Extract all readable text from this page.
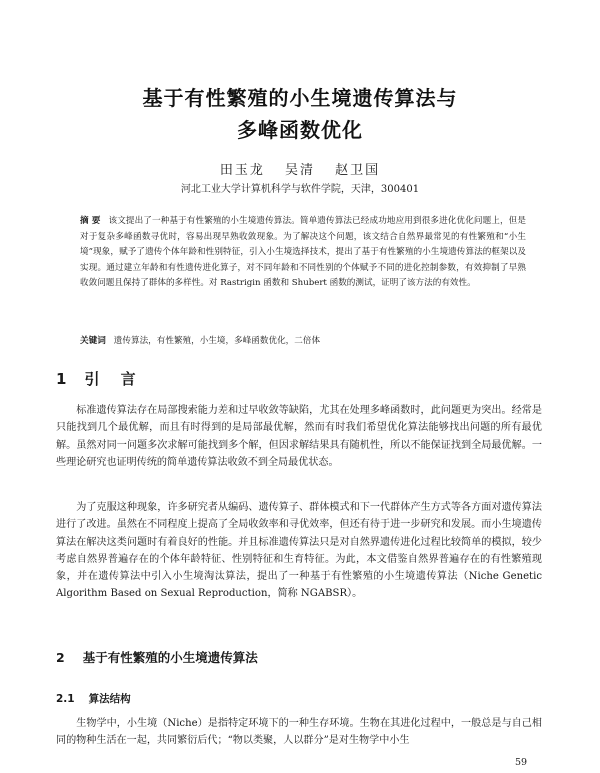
基于有性繁殖的小生境遗传算法与
多峰函数优化
田玉龙 吴清 赵卫国
河北工业大学计算机科学与软件学院，天津，300401
摘 要 该文提出了一种基于有性繁殖的小生境遗传算法。简单遗传算法已经成功地应用到很多进化优化问题上，但是对于复杂多峰函数寻优时，容易出现早熟收敛现象。为了解决这个问题，该文结合自然界最常见的有性繁殖和“小生境”现象，赋予了遗传个体年龄和性别特征，引入小生境选择技术，提出了基于有性繁殖的小生境遗传算法的框架以及实现。通过建立年龄和有性遗传进化算子，对不同年龄和不同性别的个体赋予不同的进化控制参数，有效抑制了早熟收敛问题且保持了群体的多样性。对 Rastrigin 函数和 Shubert 函数的测试，证明了该方法的有效性。
关键词 遗传算法，有性繁殖，小生境，多峰函数优化，二倍体
1 引 言
标准遗传算法存在局部搜索能力差和过早收敛等缺陷，尤其在处理多峰函数时，此问题更为突出。经常是只能找到几个最优解，而且有时得到的是局部最优解，然而有时我们希望优化算法能够找出问题的所有最优解。虽然对同一问题多次求解可能找到多个解，但因求解结果具有随机性，所以不能保证找到全局最优解。一些理论研究也证明传统的简单遗传算法收敛不到全局最优状态。
为了克服这种现象，许多研究者从编码、遗传算子、群体模式和下一代群体产生方式等各方面对遗传算法进行了改进。虽然在不同程度上提高了全局收敛率和寻优效率，但还有待于进一步研究和发展。而小生境遗传算法在解决这类问题时有着良好的性能。并且标准遗传算法只是对自然界遗传进化过程比较简单的模拟，较少考虑自然界普遍存在的个体年龄特征、性别特征和生育特征。为此，本文借鉴自然界普遍存在的有性繁殖现象，并在遗传算法中引入小生境淘汰算法，提出了一种基于有性繁殖的小生境遗传算法（Niche Genetic Algorithm Based on Sexual Reproduction，简称 NGABSR）。
2 基于有性繁殖的小生境遗传算法
2.1 算法结构
生物学中，小生境（Niche）是指特定环境下的一种生存环境。生物在其进化过程中，一般总是与自己相同的物种生活在一起，共同繁衍后代；“物以类聚，人以群分”是对生物学中小生
59
